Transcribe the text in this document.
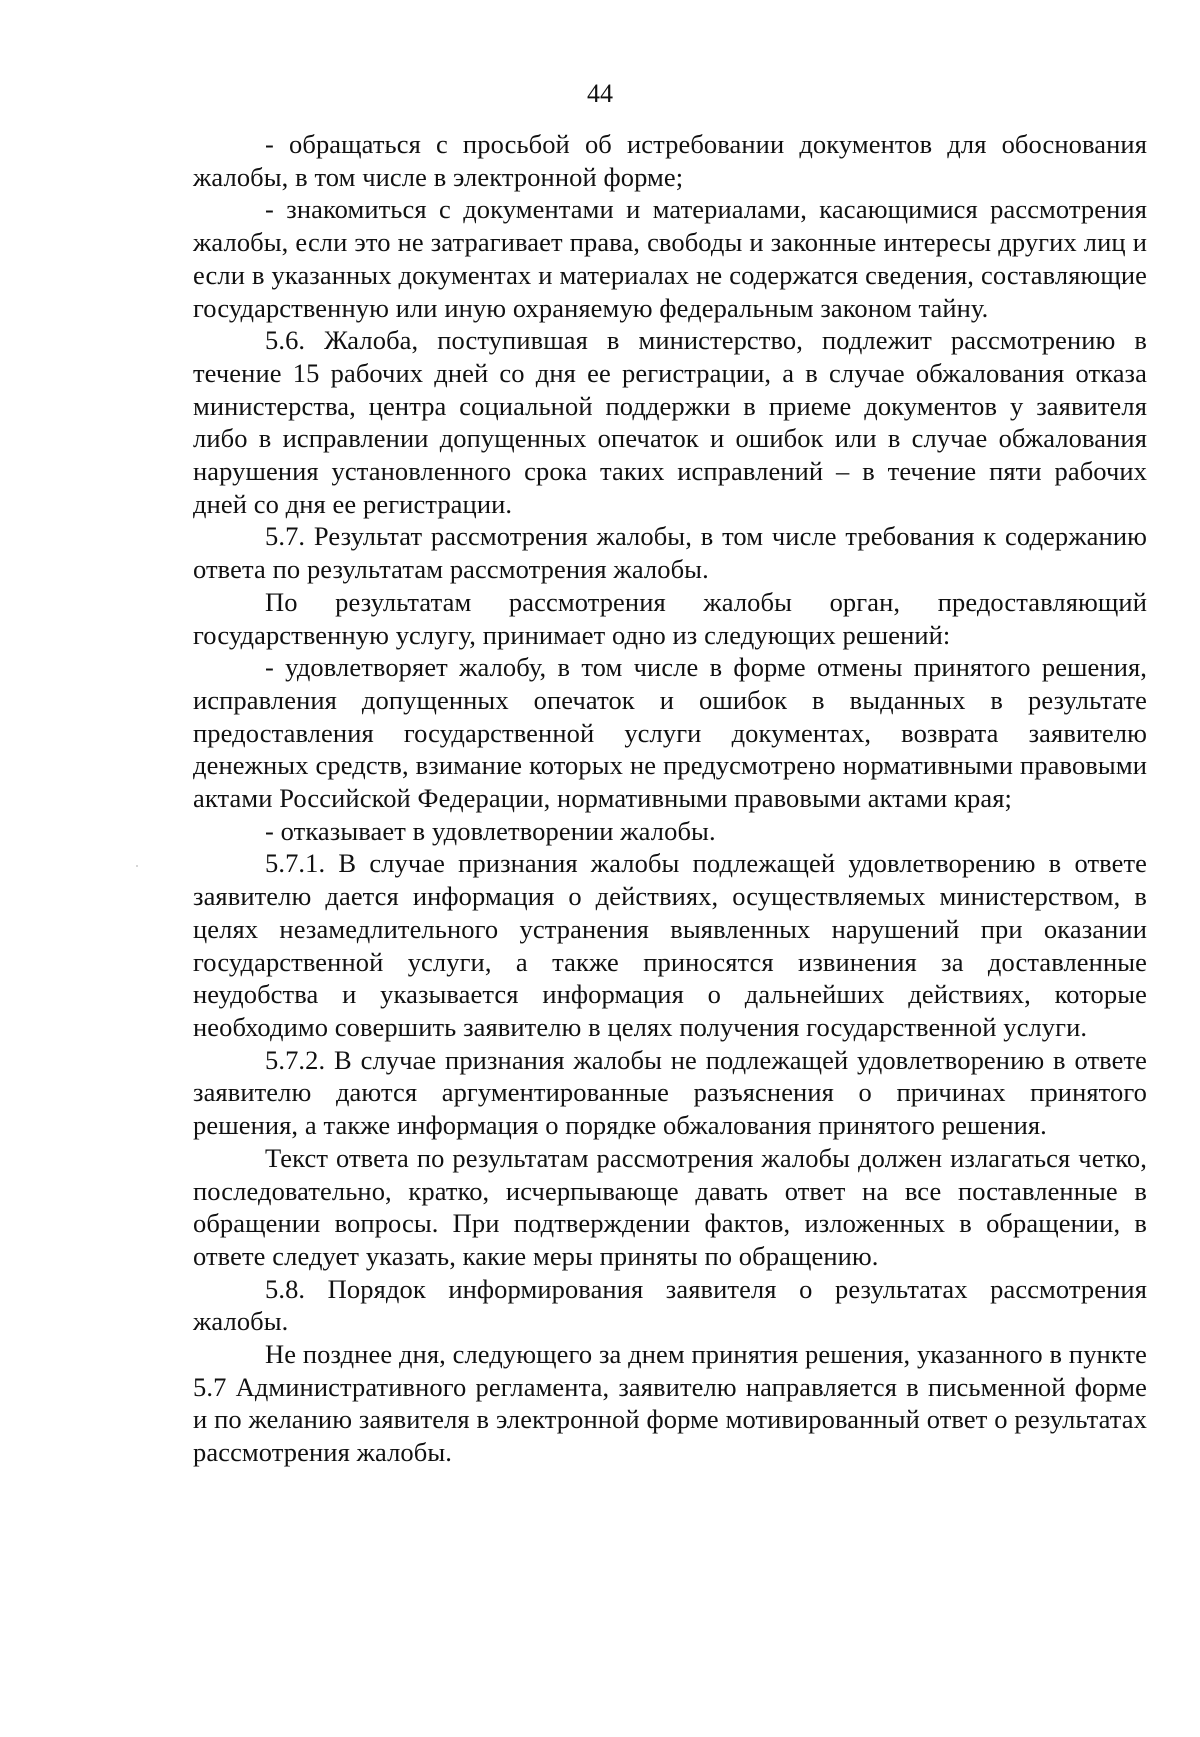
44

- обращаться с просьбой об истребовании документов для обоснования жалобы, в том числе в электронной форме;

- знакомиться с документами и материалами, касающимися рассмотрения жалобы, если это не затрагивает права, свободы и законные интересы других лиц и если в указанных документах и материалах не содержатся сведения, составляющие государственную или иную охраняемую федеральным законом тайну.

5.6. Жалоба, поступившая в министерство, подлежит рассмотрению в течение 15 рабочих дней со дня ее регистрации, а в случае обжалования отказа министерства, центра социальной поддержки в приеме документов у заявителя либо в исправлении допущенных опечаток и ошибок или в случае обжалования нарушения установленного срока таких исправлений – в течение пяти рабочих дней со дня ее регистрации.

5.7. Результат рассмотрения жалобы, в том числе требования к содержанию ответа по результатам рассмотрения жалобы.

По результатам рассмотрения жалобы орган, предоставляющий государственную услугу, принимает одно из следующих решений:

- удовлетворяет жалобу, в том числе в форме отмены принятого решения, исправления допущенных опечаток и ошибок в выданных в результате предоставления государственной услуги документах, возврата заявителю денежных средств, взимание которых не предусмотрено нормативными правовыми актами Российской Федерации, нормативными правовыми актами края;

- отказывает в удовлетворении жалобы.

5.7.1. В случае признания жалобы подлежащей удовлетворению в ответе заявителю дается информация о действиях, осуществляемых министерством, в целях незамедлительного устранения выявленных нарушений при оказании государственной услуги, а также приносятся извинения за доставленные неудобства и указывается информация о дальнейших действиях, которые необходимо совершить заявителю в целях получения государственной услуги.

5.7.2. В случае признания жалобы не подлежащей удовлетворению в ответе заявителю даются аргументированные разъяснения о причинах принятого решения, а также информация о порядке обжалования принятого решения.

Текст ответа по результатам рассмотрения жалобы должен излагаться четко, последовательно, кратко, исчерпывающе давать ответ на все поставленные в обращении вопросы. При подтверждении фактов, изложенных в обращении, в ответе следует указать, какие меры приняты по обращению.

5.8. Порядок информирования заявителя о результатах рассмотрения жалобы.

Не позднее дня, следующего за днем принятия решения, указанного в пункте 5.7 Административного регламента, заявителю направляется в письменной форме и по желанию заявителя в электронной форме мотивированный ответ о результатах рассмотрения жалобы.
